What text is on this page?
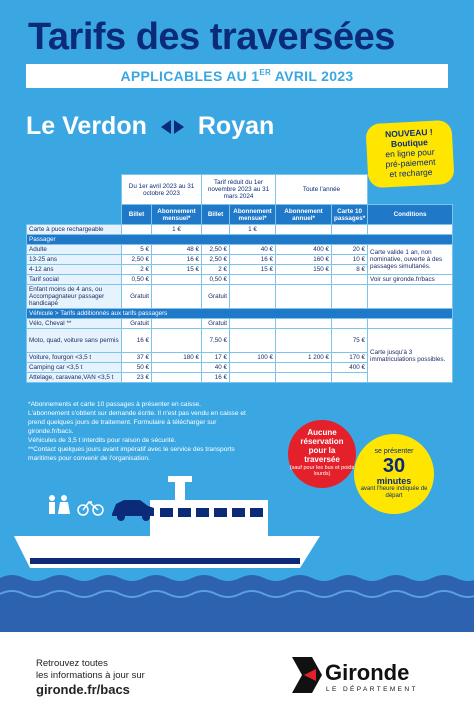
Tarifs des traversées
APPLICABLES AU 1ER AVRIL 2023
Le Verdon Royan	NOUVEAU !
Boutique
en ligne pour
pré-paiement
et recharge
	Du 1er avril 2023 au 31 octobre 2023		Tarif réduit du 1er novembre 2023 au 31 mars 2024		Toute l'année		
	Billet	Abonnement mensuel*	Billet	Abonnement mensuel*	Abonnement annuel*	Carte 10 passages*	Conditions
Carte à puce rechargeable		1 €		1 €			
Passager							
Adulte	5 €	48 €	2,50 €	40 €	400 €	20 €	Carte valide 1 an, non nominative, ouverte à des passages simultanés.
13-25 ans	2,50 €	16 €	2,50 €	16 €	160 €	10 €	
4-12 ans	2 €	15 €	2 €	15 €	150 €	8 €	
Tarif social	0,50 €		0,50 €				Voir sur gironde.fr/bacs
Enfant moins de 4 ans, ou Accompagnateur passager handicapé	Gratuit		Gratuit				
Véhicule > Tarifs additionnés aux tarifs passagers							
Vélo, Cheval **	Gratuit		Gratuit				
Moto, quad, voiture sans permis	16 €		7,50 €			75 €	Carte jusqu'à 3 immatriculations possibles.
Voiture, fourgon <3,5 t	37 €	180 €	17 €	100 €	1 200 €	170 €	
Camping car <3,5 t	50 €		40 €			400 €	
Attelage, caravane,VAN <3,5 t	23 €		16 €				
*Abonnements et carte 10 passages à présenter en caisse.
L'abonnement s'obtient sur demande écrite. Il n'est pas vendu en caisse et prend quelques jours de traitement. Formulaire à télécharger sur gironde.fr/bacs.
Véhicules de 3,5 t interdits pour raison de sécurité.
**Contact quelques jours avant impératif avec le service des transports maritimes pour convenir de l'organisation.
Aucune
réservation
pour la
traversée
(sauf pour les bus et poids lourds)
se présenter
30
minutes
avant l'heure indiquée de départ
Retrouvez toutes
les informations à jour sur
gironde.fr/bacs
Gironde
LE DÉPARTEMENT
